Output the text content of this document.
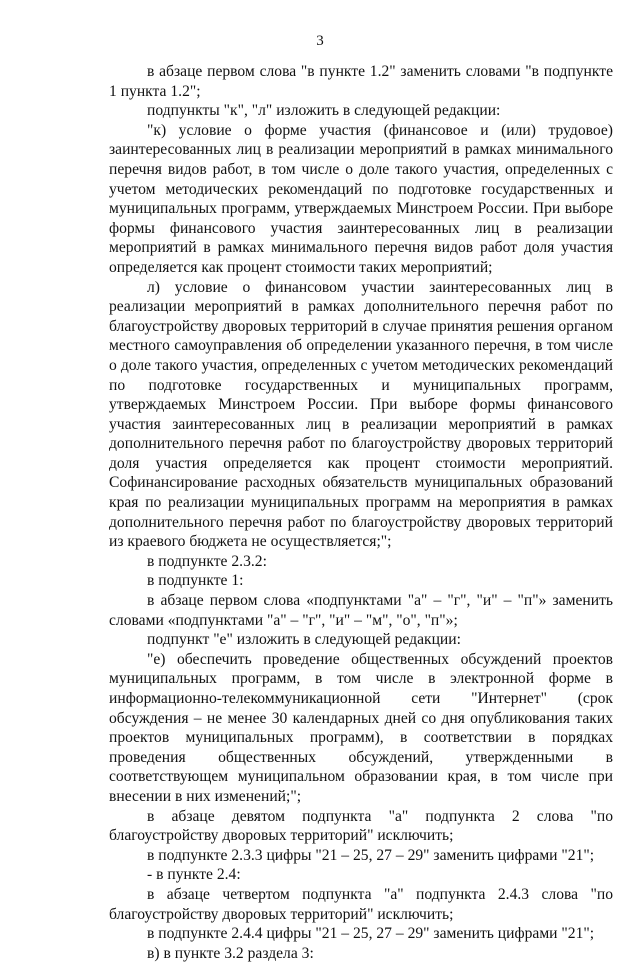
3

в абзаце первом слова "в пункте 1.2" заменить словами "в подпункте 1 пункта 1.2";

подпункты "к", "л" изложить в следующей редакции:

"к) условие о форме участия (финансовое и (или) трудовое) заинтересованных лиц в реализации мероприятий в рамках минимального перечня видов работ, в том числе о доле такого участия, определенных с учетом методических рекомендаций по подготовке государственных и муниципальных программ, утверждаемых Минстроем России. При выборе формы финансового участия заинтересованных лиц в реализации мероприятий в рамках минимального перечня видов работ доля участия определяется как процент стоимости таких мероприятий;

л) условие о финансовом участии заинтересованных лиц в реализации мероприятий в рамках дополнительного перечня работ по благоустройству дворовых территорий в случае принятия решения органом местного самоуправления об определении указанного перечня, в том числе о доле такого участия, определенных с учетом методических рекомендаций по подготовке государственных и муниципальных программ, утверждаемых Минстроем России. При выборе формы финансового участия заинтересованных лиц в реализации мероприятий в рамках дополнительного перечня работ по благоустройству дворовых территорий доля участия определяется как процент стоимости мероприятий. Софинансирование расходных обязательств муниципальных образований края по реализации муниципальных программ на мероприятия в рамках дополнительного перечня работ по благоустройству дворовых территорий из краевого бюджета не осуществляется;";

в подпункте 2.3.2:

в подпункте 1:

в абзаце первом слова «подпунктами "а" – "г", "и" – "п"» заменить словами «подпунктами "а" – "г", "и" – "м", "о", "п"»;

подпункт "е" изложить в следующей редакции:

"е) обеспечить проведение общественных обсуждений проектов муниципальных программ, в том числе в электронной форме в информационно-телекоммуникационной сети "Интернет" (срок обсуждения – не менее 30 календарных дней со дня опубликования таких проектов муниципальных программ), в соответствии в порядках проведения общественных обсуждений, утвержденными в соответствующем муниципальном образовании края, в том числе при внесении в них изменений;";

в абзаце девятом подпункта "а" подпункта 2 слова "по благоустройству дворовых территорий" исключить;

в подпункте 2.3.3 цифры "21 – 25, 27 – 29" заменить цифрами "21";

- в пункте 2.4:

в абзаце четвертом подпункта "а" подпункта 2.4.3 слова "по благоустройству дворовых территорий" исключить;

в подпункте 2.4.4 цифры "21 – 25, 27 – 29" заменить цифрами "21";

в) в пункте 3.2 раздела 3:
